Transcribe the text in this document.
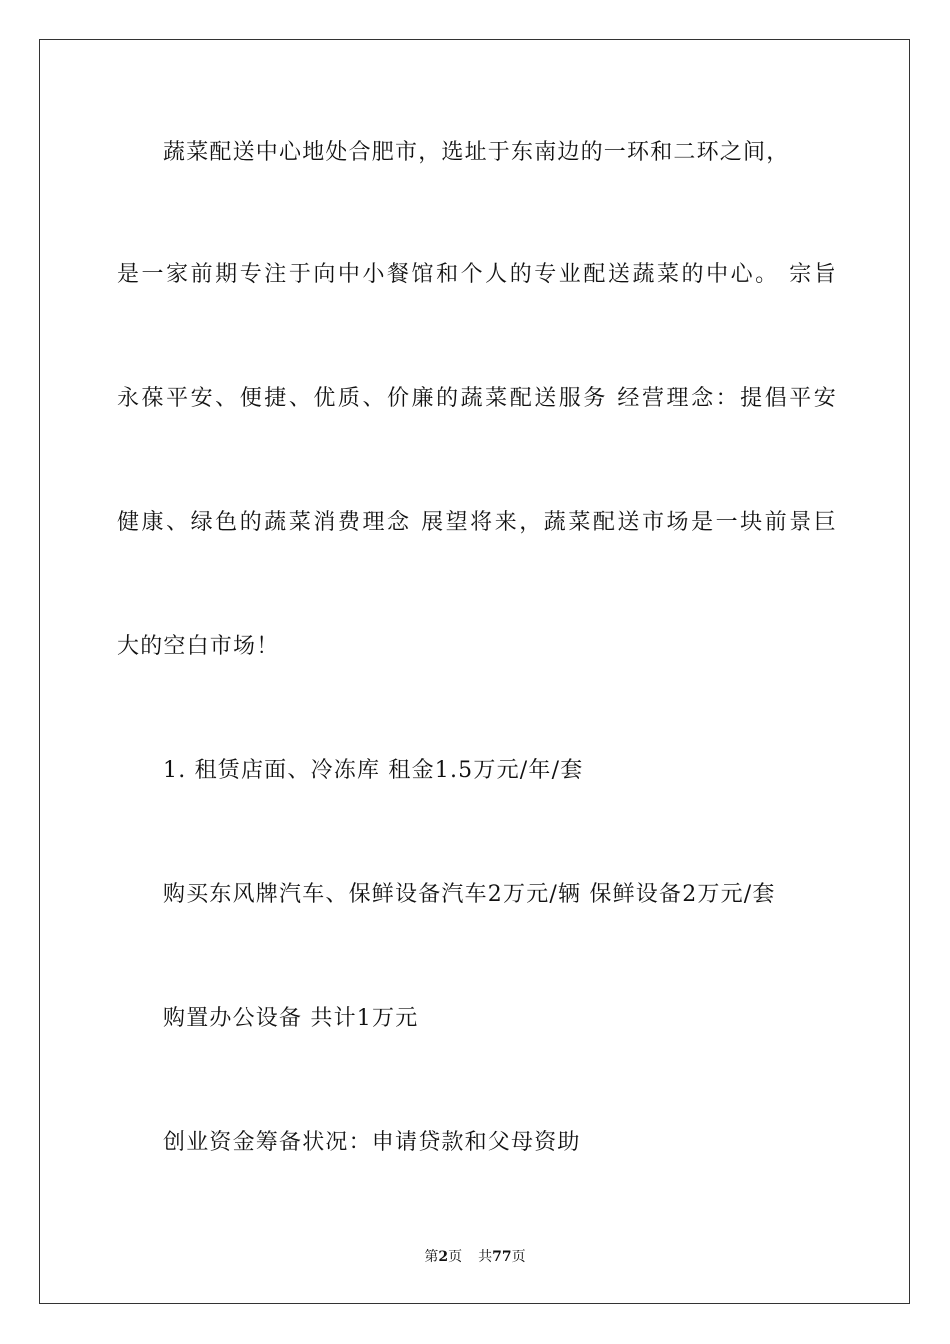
蔬菜配送中心地处合肥市，选址于东南边的一环和二环之间，
是一家前期专注于向中小餐馆和个人的专业配送蔬菜的中心。 宗旨
永葆平安、便捷、优质、价廉的蔬菜配送服务 经营理念：提倡平安
健康、绿色的蔬菜消费理念 展望将来，蔬菜配送市场是一块前景巨
大的空白市场！
1. 租赁店面、冷冻库 租金1.5万元/年/套
购买东风牌汽车、保鲜设备汽车2万元/辆 保鲜设备2万元/套
购置办公设备 共计1万元
创业资金筹备状况：申请贷款和父母资助
第2页 共77页
